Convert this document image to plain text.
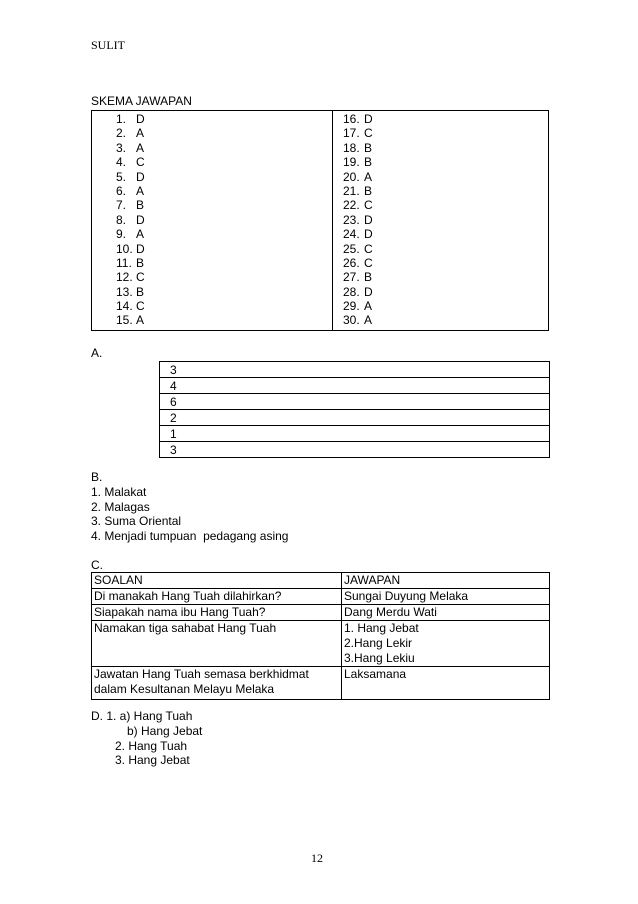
SULIT
SKEMA JAWAPAN
1. D
2. A
3. A
4. C
5. D
6. A
7. B
8. D
9. A
10. D
11. B
12. C
13. B
14. C
15. A
16. D
17. C
18. B
19. B
20. A
21. B
22. C
23. D
24. D
25. C
26. C
27. B
28. D
29. A
30. A
A.
3
4
6
2
1
3
B.
1. Malakat
2. Malagas
3. Suma Oriental
4. Menjadi tumpuan  pedagang asing
C.
SOALAN	JAWAPAN

Di manakah Hang Tuah dilahirkan?	Sungai Duyung Melaka

Siapakah nama ibu Hang Tuah?	Dang Merdu Wati

Namakan tiga sahabat Hang Tuah	1. Hang Jebat
2.Hang Lekir
3.Hang Lekiu

Jawatan Hang Tuah semasa berkhidmat
dalam Kesultanan Melayu Melaka	Laksamana
D. 1. a) Hang Tuah
b) Hang Jebat
2. Hang Tuah
3. Hang Jebat
12
